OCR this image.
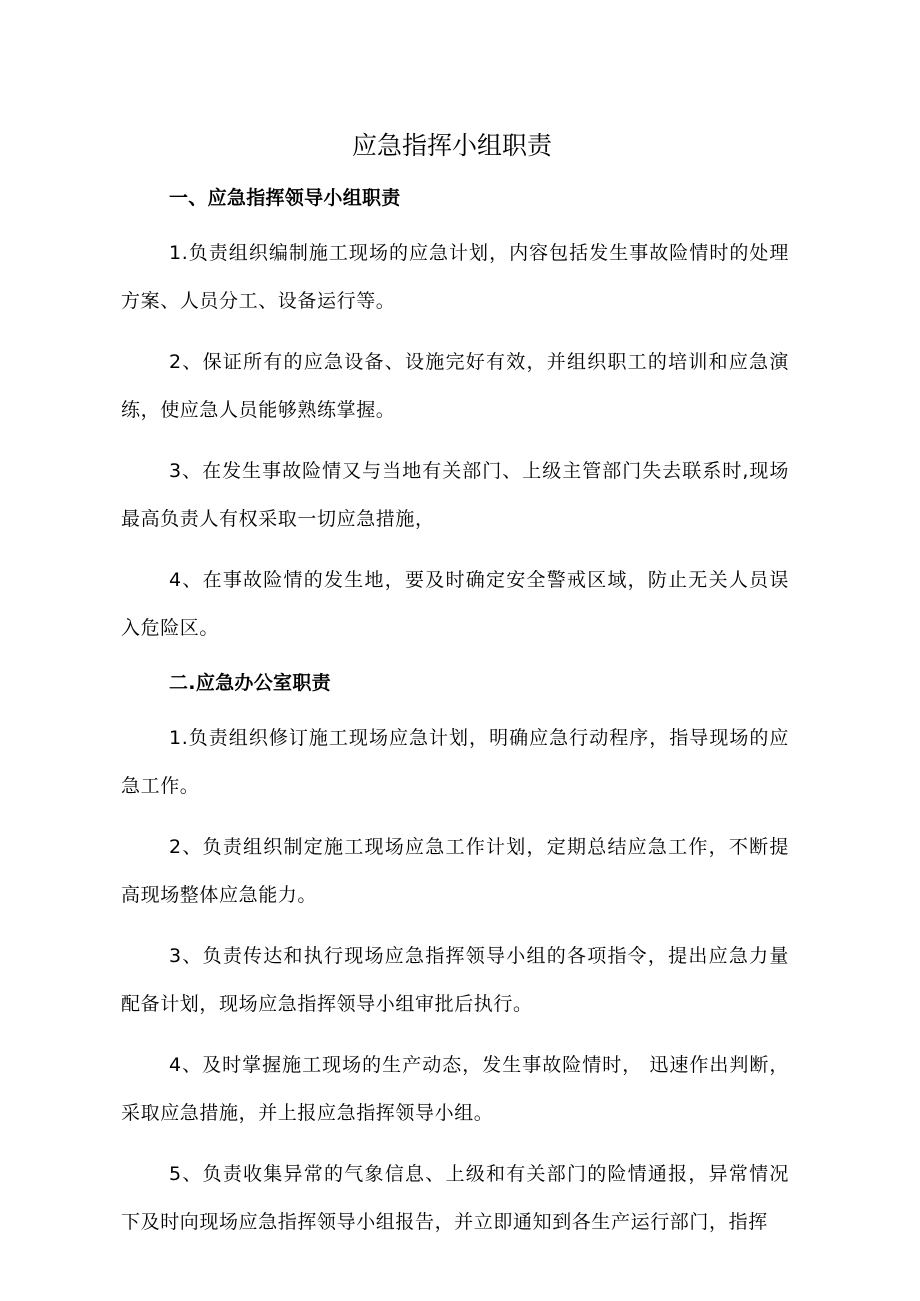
应急指挥小组职责

一、应急指挥领导小组职责

1.负责组织编制施工现场的应急计划，内容包括发生事故险情时的处理方案、人员分工、设备运行等。

2、保证所有的应急设备、设施完好有效，并组织职工的培训和应急演练，使应急人员能够熟练掌握。

3、在发生事故险情又与当地有关部门、上级主管部门失去联系时,现场最高负责人有权采取一切应急措施，

4、在事故险情的发生地，要及时确定安全警戒区域，防止无关人员误入危险区。

二.应急办公室职责

1.负责组织修订施工现场应急计划，明确应急行动程序，指导现场的应急工作。

2、负责组织制定施工现场应急工作计划，定期总结应急工作，不断提高现场整体应急能力。

3、负责传达和执行现场应急指挥领导小组的各项指令，提出应急力量配备计划，现场应急指挥领导小组审批后执行。

4、及时掌握施工现场的生产动态，发生事故险情时， 迅速作出判断，采取应急措施，并上报应急指挥领导小组。

5、负责收集异常的气象信息、上级和有关部门的险情通报，异常情况下及时向现场应急指挥领导小组报告，并立即通知到各生产运行部门，指挥
